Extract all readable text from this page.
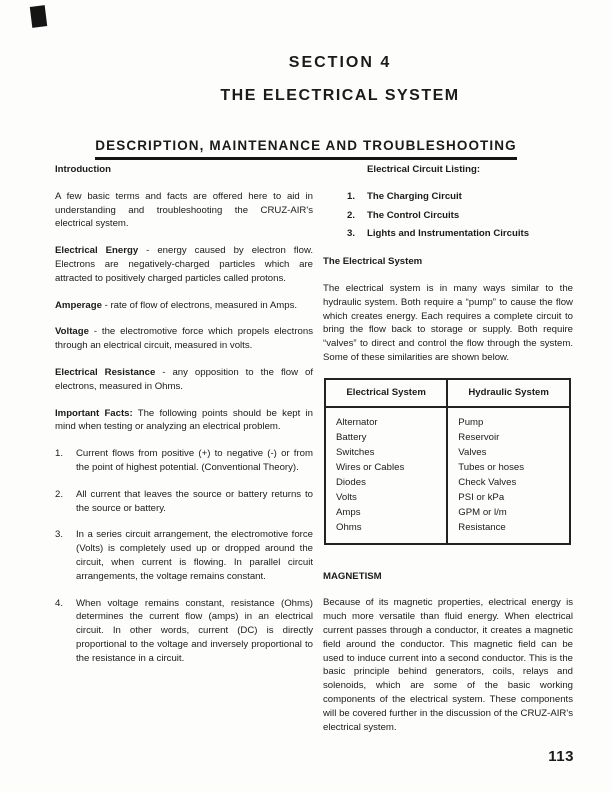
SECTION 4
THE ELECTRICAL SYSTEM
DESCRIPTION, MAINTENANCE AND TROUBLESHOOTING
Introduction

A few basic terms and facts are offered here to aid in understanding and troubleshooting the CRUZ-AIR's electrical system.

Electrical Energy - energy caused by electron flow. Electrons are negatively-charged particles which are attracted to positively charged particles called protons.

Amperage - rate of flow of electrons, measured in Amps.

Voltage - the electromotive force which propels electrons through an electrical circuit, measured in volts.

Electrical Resistance - any opposition to the flow of electrons, measured in Ohms.

Important Facts: The following points should be kept in mind when testing or analyzing an electrical problem.

1.	Current flows from positive (+) to negative (-) or from the point of highest potential. (Conventional Theory).
2.	All current that leaves the source or battery returns to the source or battery.
3.	In a series circuit arrangement, the electromotive force (Volts) is completely used up or dropped around the circuit, when current is flowing. In parallel circuit arrangements, the voltage remains constant.
4.	When voltage remains constant, resistance (Ohms) determines the current flow (amps) in an electrical circuit. In other words, current (DC) is directly proportional to the voltage and inversely proportional to the resistance in a circuit.
Electrical Circuit Listing:
1.	The Charging Circuit
2.	The Control Circuits
3.	Lights and Instrumentation Circuits
The Electrical System

The electrical system is in many ways similar to the hydraulic system. Both require a “pump” to cause the flow which creates energy. Each requires a complete circuit to bring the flow back to storage or supply. Both require “valves” to direct and control the flow through the system. Some of these similarities are shown below.

Electrical System	Hydraulic System
Alternator	Pump
Battery	Reservoir
Switches	Valves
Wires or Cables	Tubes or hoses
Diodes	Check Valves
Volts	PSI or kPa
Amps	GPM or l/m
Ohms	Resistance
MAGNETISM

Because of its magnetic properties, electrical energy is much more versatile than fluid energy. When electrical current passes through a conductor, it creates a magnetic field around the conductor. This magnetic field can be used to induce current into a second conductor. This is the basic principle behind generators, coils, relays and solenoids, which are some of the basic working components of the electrical system. These components will be covered further in the discussion of the CRUZ-AIR's electrical system.

113
